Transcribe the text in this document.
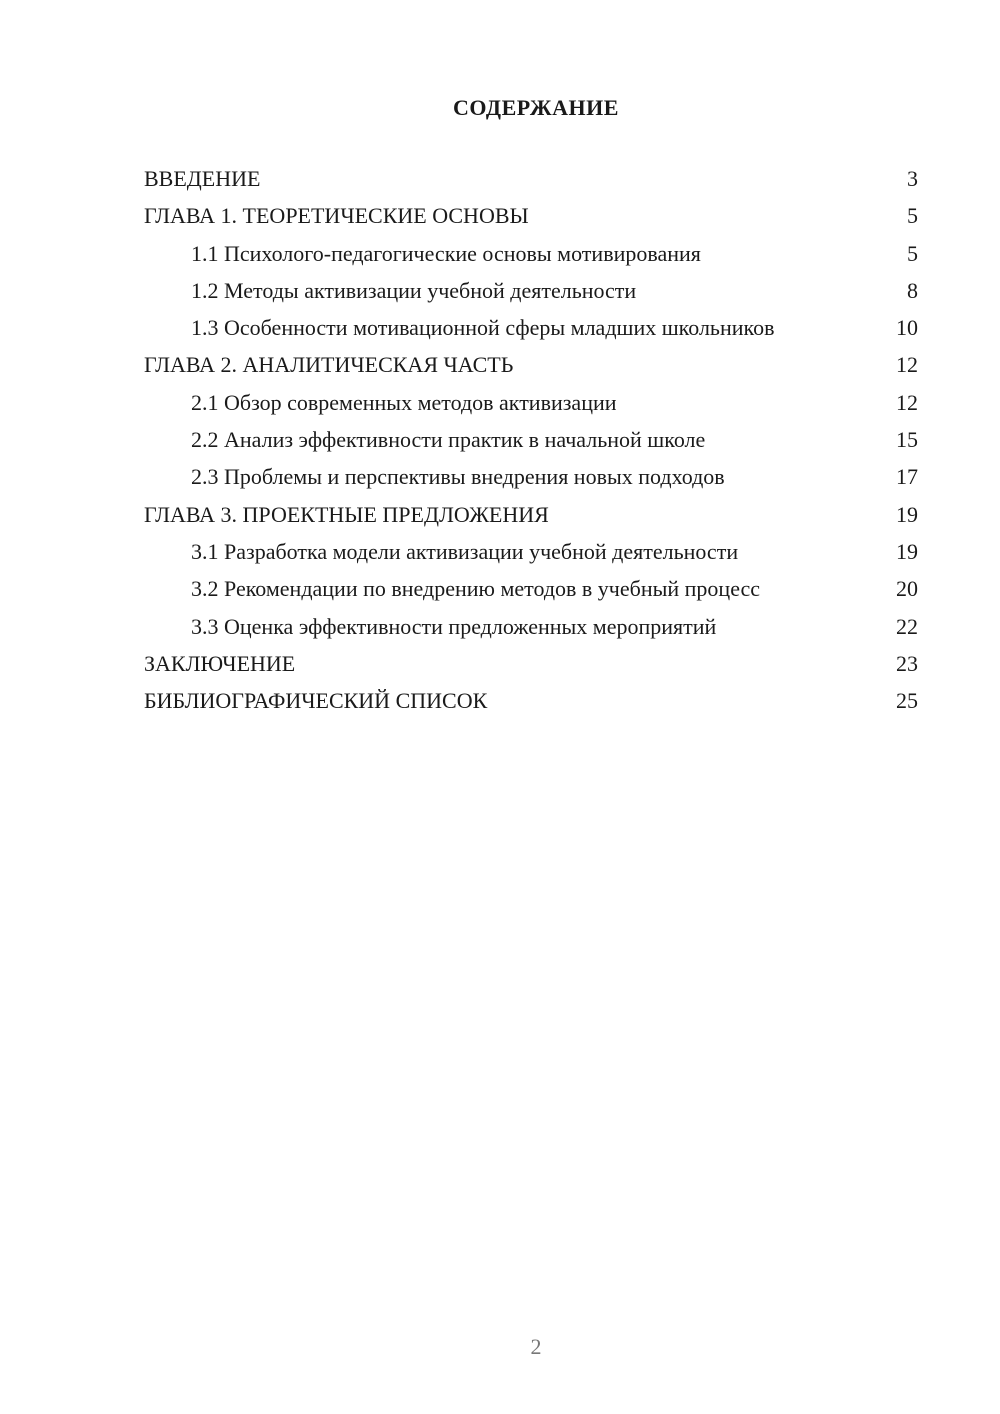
СОДЕРЖАНИЕ
ВВЕДЕНИЕ	3
ГЛАВА 1. ТЕОРЕТИЧЕСКИЕ ОСНОВЫ	5
1.1 Психолого-педагогические основы мотивирования	5
1.2 Методы активизации учебной деятельности	8
1.3 Особенности мотивационной сферы младших школьников	10
ГЛАВА 2. АНАЛИТИЧЕСКАЯ ЧАСТЬ	12
2.1 Обзор современных методов активизации	12
2.2 Анализ эффективности практик в начальной школе	15
2.3 Проблемы и перспективы внедрения новых подходов	17
ГЛАВА 3. ПРОЕКТНЫЕ ПРЕДЛОЖЕНИЯ	19
3.1 Разработка модели активизации учебной деятельности	19
3.2 Рекомендации по внедрению методов в учебный процесс	20
3.3 Оценка эффективности предложенных мероприятий	22
ЗАКЛЮЧЕНИЕ	23
БИБЛИОГРАФИЧЕСКИЙ СПИСОК	25
2
